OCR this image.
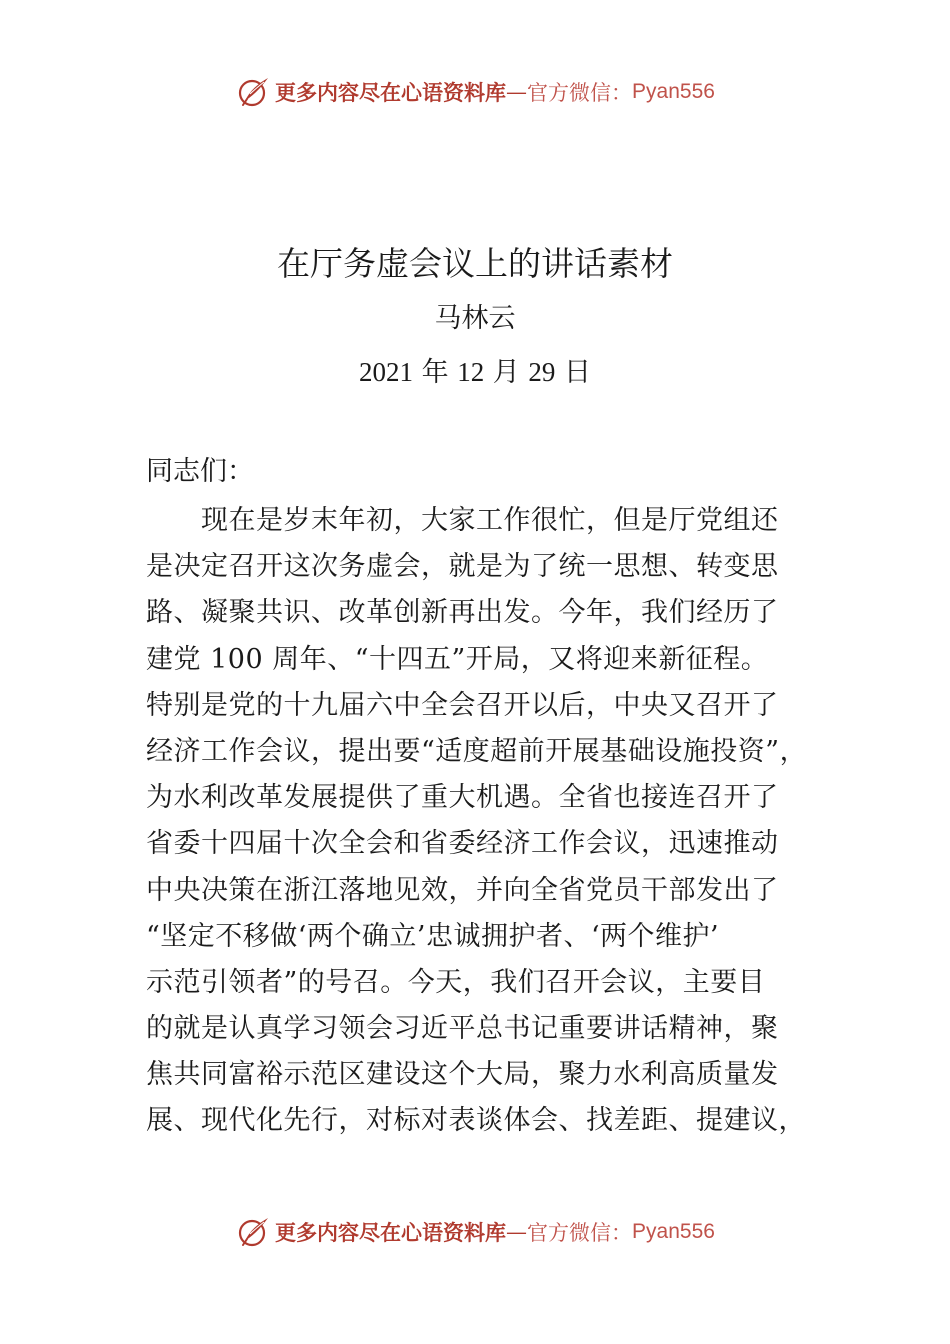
更多内容尽在心语资料库 — 官方微信： Pyan556
在厅务虚会议上的讲话素材
马林云
2021 年 12 月 29 日
同志们：
　　现在是岁末年初，大家工作很忙，但是厅党组还
是决定召开这次务虚会，就是为了统一思想、转变思
路、凝聚共识、改革创新再出发。今年，我们经历了
建党 100 周年、“十四五”开局，又将迎来新征程。
特别是党的十九届六中全会召开以后，中央又召开了
经济工作会议，提出要“适度超前开展基础设施投资”，
为水利改革发展提供了重大机遇。全省也接连召开了
省委十四届十次全会和省委经济工作会议，迅速推动
中央决策在浙江落地见效，并向全省党员干部发出了
“坚定不移做‘两个确立’忠诚拥护者、‘两个维护’
示范引领者”的号召。今天，我们召开会议，主要目
的就是认真学习领会习近平总书记重要讲话精神，聚
焦共同富裕示范区建设这个大局，聚力水利高质量发
展、现代化先行，对标对表谈体会、找差距、提建议，
更多内容尽在心语资料库 — 官方微信： Pyan556
